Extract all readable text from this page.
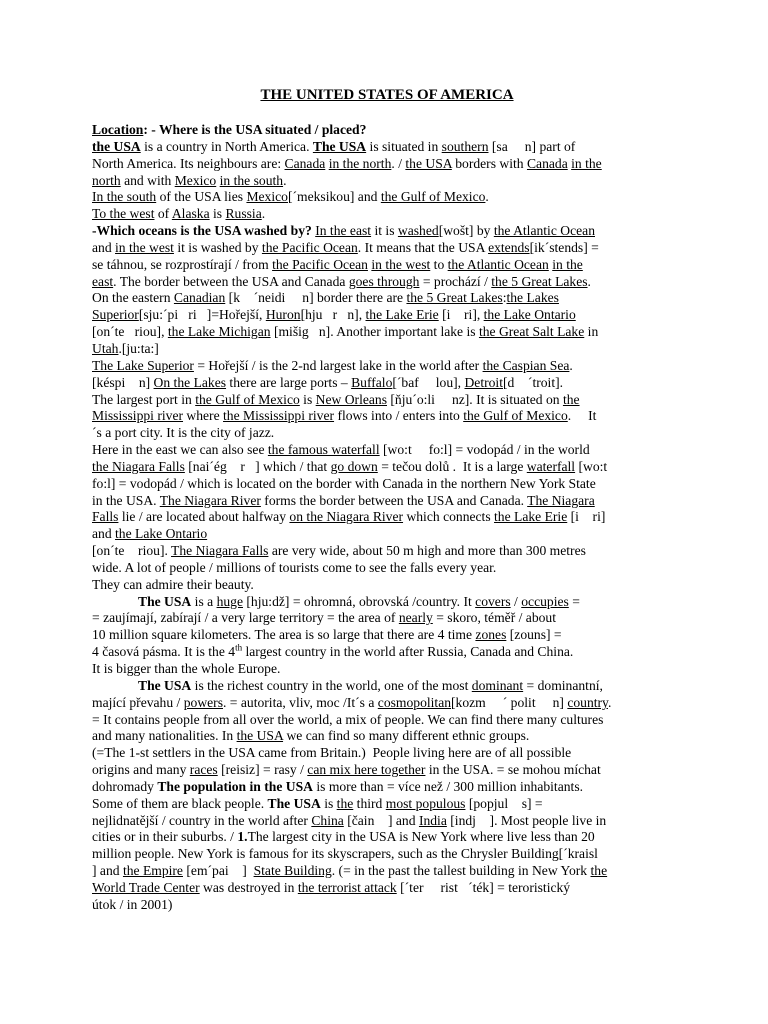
THE UNITED STATES OF AMERICA
Location: - Where is the USA situated / placed?
the USA is a country in North America. The USA is situated in southern [sa     n] part of
North America. Its neighbours are: Canada in the north. / the USA borders with Canada in the
north and with Mexico in the south.
In the south of the USA lies Mexico[´meksikou] and the Gulf of Mexico.
To the west of Alaska is Russia.
-Which oceans is the USA washed by? In the east it is washed[wošt] by the Atlantic Ocean
and in the west it is washed by the Pacific Ocean. It means that the USA extends[ik´stends] =
se táhnou, se rozprostírají / from the Pacific Ocean in the west to the Atlantic Ocean in the
east. The border between the USA and Canada goes through = prochází / the 5 Great Lakes.
On the eastern Canadian [k    ´neidi     n] border there are the 5 Great Lakes:the Lakes
Superior[sju:´pi   ri   ]=Hořejší, Huron[hju   r   n], the Lake Erie [i    ri], the Lake Ontario
[on´te   riou], the Lake Michigan [mišig   n]. Another important lake is the Great Salt Lake in
Utah.[ju:ta:]
The Lake Superior = Hořejší / is the 2-nd largest lake in the world after the Caspian Sea.
[késpi    n] On the Lakes there are large ports – Buffalo[´baf     lou], Detroit[d    ´troit].
The largest port in the Gulf of Mexico is New Orleans [ňju´o:li     nz]. It is situated on the
Mississippi river where the Mississippi river flows into / enters into the Gulf of Mexico.     It
´s a port city. It is the city of jazz.
Here in the east we can also see the famous waterfall [wo:t     fo:l] = vodopád / in the world
the Niagara Falls [nai´ég    r   ] which / that go down = tečou dolů .  It is a large waterfall [wo:t
fo:l] = vodopád / which is located on the border with Canada in the northern New York State
in the USA. The Niagara River forms the border between the USA and Canada. The Niagara
Falls lie / are located about halfway on the Niagara River which connects the Lake Erie [i    ri]
and the Lake Ontario
[on´te    riou]. The Niagara Falls are very wide, about 50 m high and more than 300 metres
wide. A lot of people / millions of tourists come to see the falls every year.
They can admire their beauty.
The USA is a huge [hju:dž] = ohromná, obrovská /country. It covers / occupies =
= zaujímají, zabírají / a very large territory = the area of nearly = skoro, téměř / about
10 million square kilometers. The area is so large that there are 4 time zones [zouns] =
4 časová pásma. It is the 4th largest country in the world after Russia, Canada and China.
It is bigger than the whole Europe.
The USA is the richest country in the world, one of the most dominant = dominantní,
mající převahu / powers. = autorita, vliv, moc /It´s a cosmopolitan[kozm     ´ polit     n] country.
= It contains people from all over the world, a mix of people. We can find there many cultures
and many nationalities. In the USA we can find so many different ethnic groups.
(=The 1-st settlers in the USA came from Britain.)  People living here are of all possible
origins and many races [reisiz] = rasy / can mix here together in the USA. = se mohou míchat
dohromady The population in the USA is more than = více než / 300 million inhabitants.
Some of them are black people. The USA is the third most populous [popjul    s] =
nejlidnatější / country in the world after China [čain    ] and India [indj    ]. Most people live in
cities or in their suburbs. / 1.The largest city in the USA is New York where live less than 20
million people. New York is famous for its skyscrapers, such as the Chrysler Building[´kraisl
] and the Empire [em´pai    ]  State Building. (= in the past the tallest building in New York the
World Trade Center was destroyed in the terrorist attack [´ter     rist   ´ték] = teroristický
útok / in 2001)
